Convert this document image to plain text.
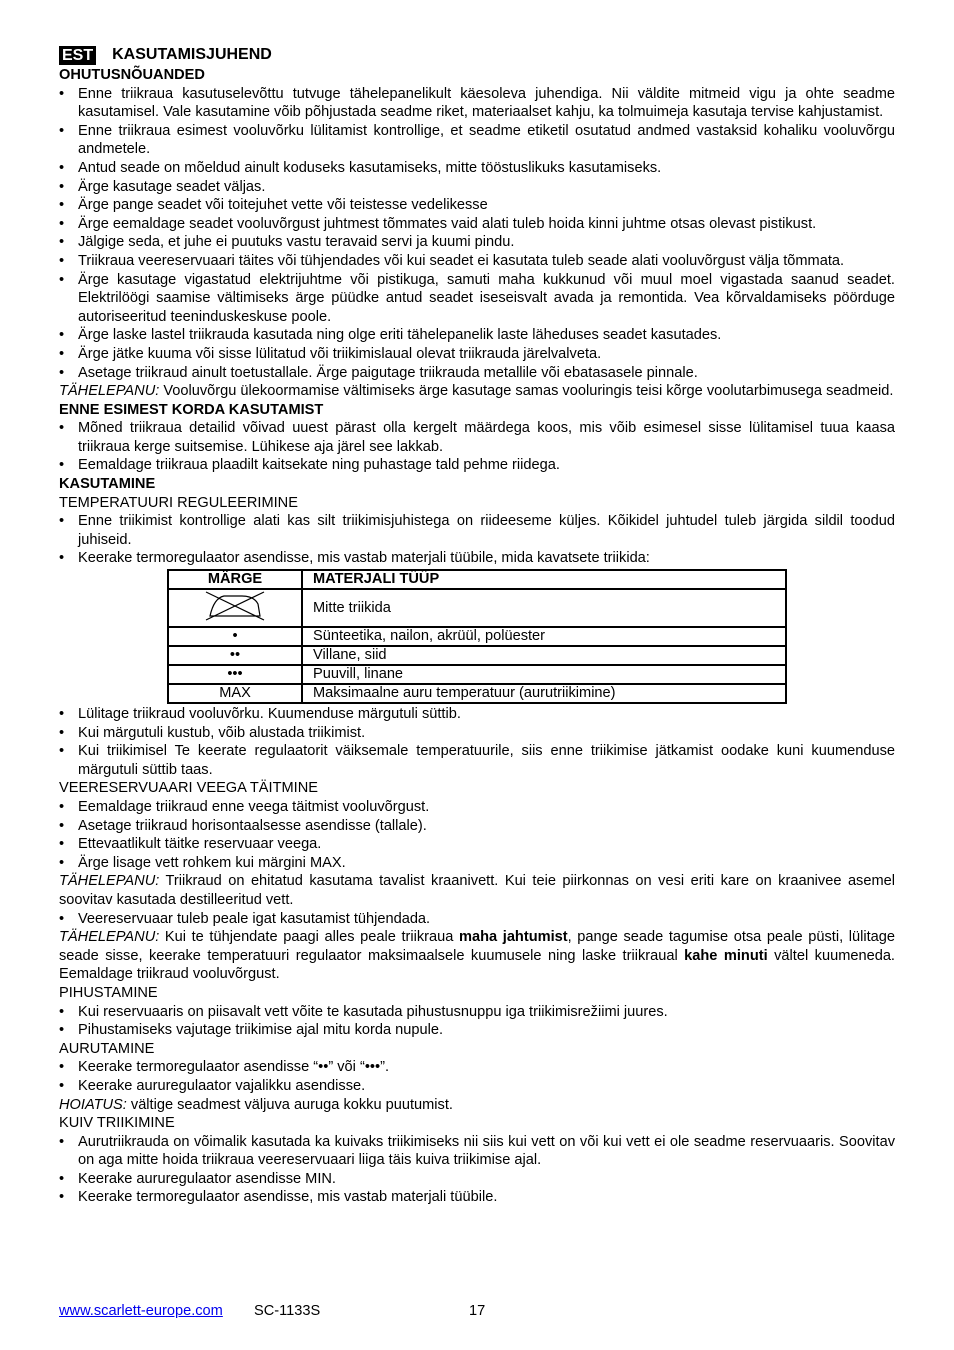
EST KASUTAMISJUHEND
OHUTUSNÕUANDED
• Enne triikraua kasutuselevõttu tutvuge tähelepanelikult käesoleva juhendiga. Nii väldite mitmeid vigu ja ohte seadme kasutamisel. Vale kasutamine võib põhjustada seadme riket, materiaalset kahju, ka tolmuimeja kasutaja tervise kahjustamist.
• Enne triikraua esimest vooluvõrku lülitamist kontrollige, et seadme etiketil osutatud andmed vastaksid kohaliku vooluvõrgu andmetele.
• Antud seade on mõeldud ainult koduseks kasutamiseks, mitte tööstuslikuks kasutamiseks.
• Ärge kasutage seadet väljas.
• Ärge pange seadet või toitejuhet vette või teistesse vedelikesse
• Ärge eemaldage seadet vooluvõrgust juhtmest tõmmates vaid alati tuleb hoida kinni juhtme otsas olevast pistikust.
• Jälgige seda, et juhe ei puutuks vastu teravaid servi ja kuumi pindu.
• Triikraua veereservuaari täites või tühjendades või kui seadet ei kasutata tuleb seade alati vooluvõrgust välja tõmmata.
• Ärge kasutage vigastatud elektrijuhtme või pistikuga, samuti maha kukkunud või muul moel vigastada saanud seadet. Elektrilöögi saamise vältimiseks ärge püüdke antud seadet iseseisvalt avada ja remontida. Vea kõrvaldamiseks pöörduge autoriseeritud teeninduskeskuse poole.
• Ärge laske lastel triikrauda kasutada ning olge eriti tähelepanelik laste läheduses seadet kasutades.
• Ärge jätke kuuma või sisse lülitatud või triikimislaual olevat triikrauda järelvalveta.
• Asetage triikraud ainult toetustallale. Ärge paigutage triikrauda metallile või ebatasasele pinnale.

TÄHELEPANU: Vooluvõrgu ülekoormamise vältimiseks ärge kasutage samas vooluringis teisi kõrge voolutarbimusega seadmeid.

ENNE ESIMEST KORDA KASUTAMIST
• Mõned triikraua detailid võivad uuest pärast olla kergelt määrdega koos, mis võib esimesel sisse lülitamisel tuua kaasa triikraua kerge suitsemise. Lühikese aja järel see lakkab.
• Eemaldage triikraua plaadilt kaitsekate ning puhastage tald pehme riidega.
KASUTAMINE
TEMPERATUURI REGULEERIMINE
• Enne triikimist kontrollige alati kas silt triikimisjuhistega on riideeseme küljes. Kõikidel juhtudel tuleb järgida sildil toodud juhiseid.
• Keerake termoregulaator asendisse, mis vastab materjali tüübile, mida kavatsete triikida:
MÄRGE	MATERJALI TÜÜP
	Mitte triikida
•	Sünteetika, nailon, akrüül, polüester
••	Villane, siid
•••	Puuvill, linane
MAX	Maksimaalne auru temperatuur (aurutriikimine)
• Lülitage triikraud vooluvõrku. Kuumenduse märgutuli süttib.
• Kui märgutuli kustub, võib alustada triikimist.
• Kui triikimisel Te keerate regulaatorit väiksemale temperatuurile, siis enne triikimise jätkamist oodake kuni kuumenduse märgutuli süttib taas.
VEERESERVUAARI VEEGA TÄITMINE
• Eemaldage triikraud enne veega täitmist vooluvõrgust.
• Asetage triikraud horisontaalsesse asendisse (tallale).
• Ettevaatlikult täitke reservuaar veega.
• Ärge lisage vett rohkem kui märgini MAX.

TÄHELEPANU: Triikraud on ehitatud kasutama tavalist kraanivett. Kui teie piirkonnas on vesi eriti kare on kraanivee asemel soovitav kasutada destilleeritud vett.

• Veereservuaar tuleb peale igat kasutamist tühjendada.

TÄHELEPANU: Kui te tühjendate paagi alles peale triikraua maha jahtumist, pange seade tagumise otsa peale püsti, lülitage seade sisse, keerake temperatuuri regulaator maksimaalsele kuumusele ning laske triikraual kahe minuti vältel kuumeneda. Eemaldage triikraud vooluvõrgust.

PIHUSTAMINE
• Kui reservuaaris on piisavalt vett võite te kasutada pihustusnuppu iga triikimisrežiimi juures.
• Pihustamiseks vajutage triikimise ajal mitu korda nupule.
AURUTAMINE
• Keerake termoregulaator asendisse “••” või “•••”.
• Keerake aururegulaator vajalikku asendisse.

HOIATUS: vältige seadmest väljuva auruga kokku puutumist.

KUIV TRIIKIMINE
• Aurutriikrauda on võimalik kasutada ka kuivaks triikimiseks nii siis kui vett on või kui vett ei ole seadme reservuaaris. Soovitav on aga mitte hoida triikraua veereservuaari liiga täis kuiva triikimise ajal.
• Keerake aururegulaator asendisse MIN.
• Keerake termoregulaator asendisse, mis vastab materjali tüübile.
www.scarlett-europe.com SC-1133S	17
